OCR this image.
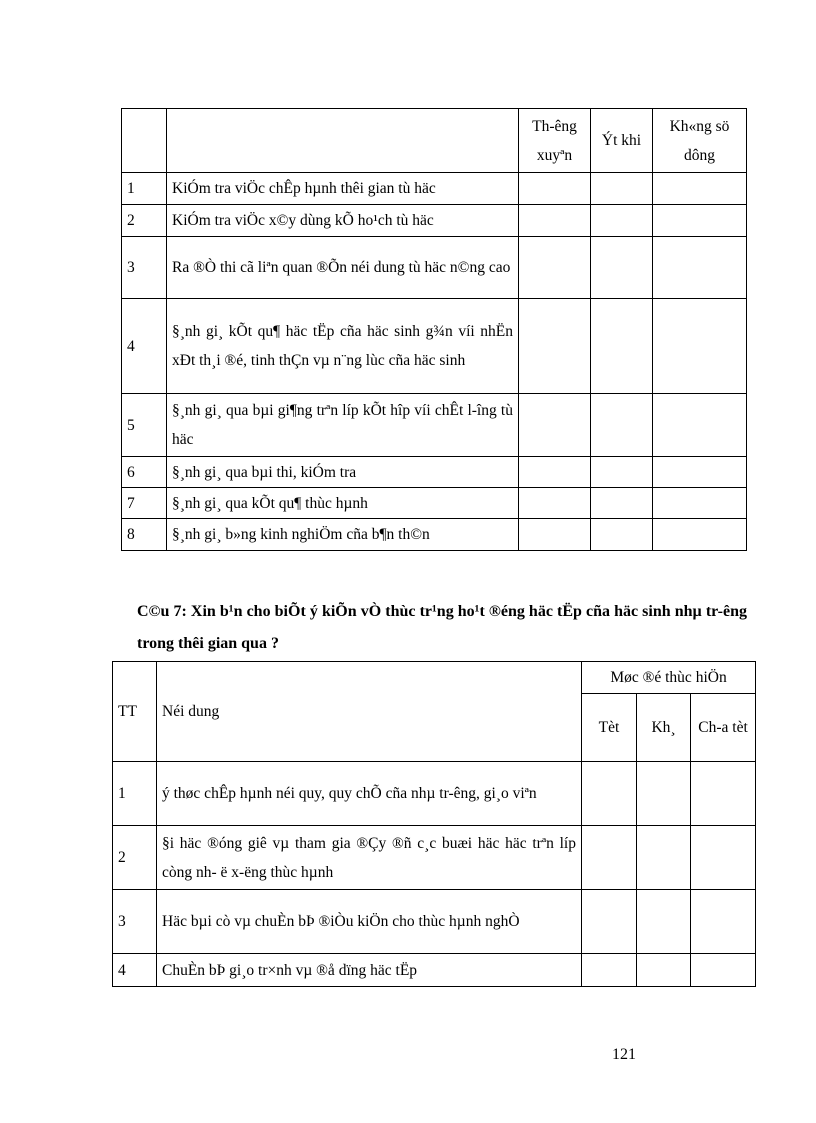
		Th-êng xuyªn	Ýt khi	Kh«ng sö dông
1	KiÓm tra viÖc chÊp hµnh thêi gian tù häc			
2	KiÓm tra viÖc x©y dùng kÕ ho¹ch tù häc			
3	Ra ®Ò thi cã liªn quan ®Õn néi dung tù häc n©ng cao			
4	§¸nh gi¸ kÕt qu¶ häc tËp cña häc sinh g¾n víi nhËn xÐt th¸i ®é, tinh thÇn vµ n¨ng lùc cña häc sinh			
5	§¸nh gi¸ qua bµi gi¶ng trªn líp kÕt hîp víi chÊt l-îng tù häc			
6	§¸nh gi¸ qua bµi thi, kiÓm tra			
7	§¸nh gi¸ qua kÕt qu¶ thùc hµnh			
8	§¸nh gi¸ b»ng kinh nghiÖm cña b¶n th©n			

C©u 7: Xin b¹n cho biÕt ý kiÕn vÒ thùc tr¹ng ho¹t ®éng häc tËp cña häc sinh nhµ tr-êng trong thêi gian qua ?

TT	Néi dung	Møc ®é thùc hiÖn		
		Tèt	Kh¸	Ch-a tèt
1	ý thøc chÊp hµnh néi quy, quy chÕ cña nhµ tr-êng, gi¸o viªn			
2	§i häc ®óng giê vµ tham gia ®Çy ®ñ c¸c buæi häc häc trªn líp còng nh- ë x-ëng thùc hµnh			
3	Häc bµi cò vµ chuÈn bÞ ®iÒu kiÖn cho thùc hµnh nghÒ			
4	ChuÈn bÞ gi¸o tr×nh vµ ®å dïng häc tËp			
121
